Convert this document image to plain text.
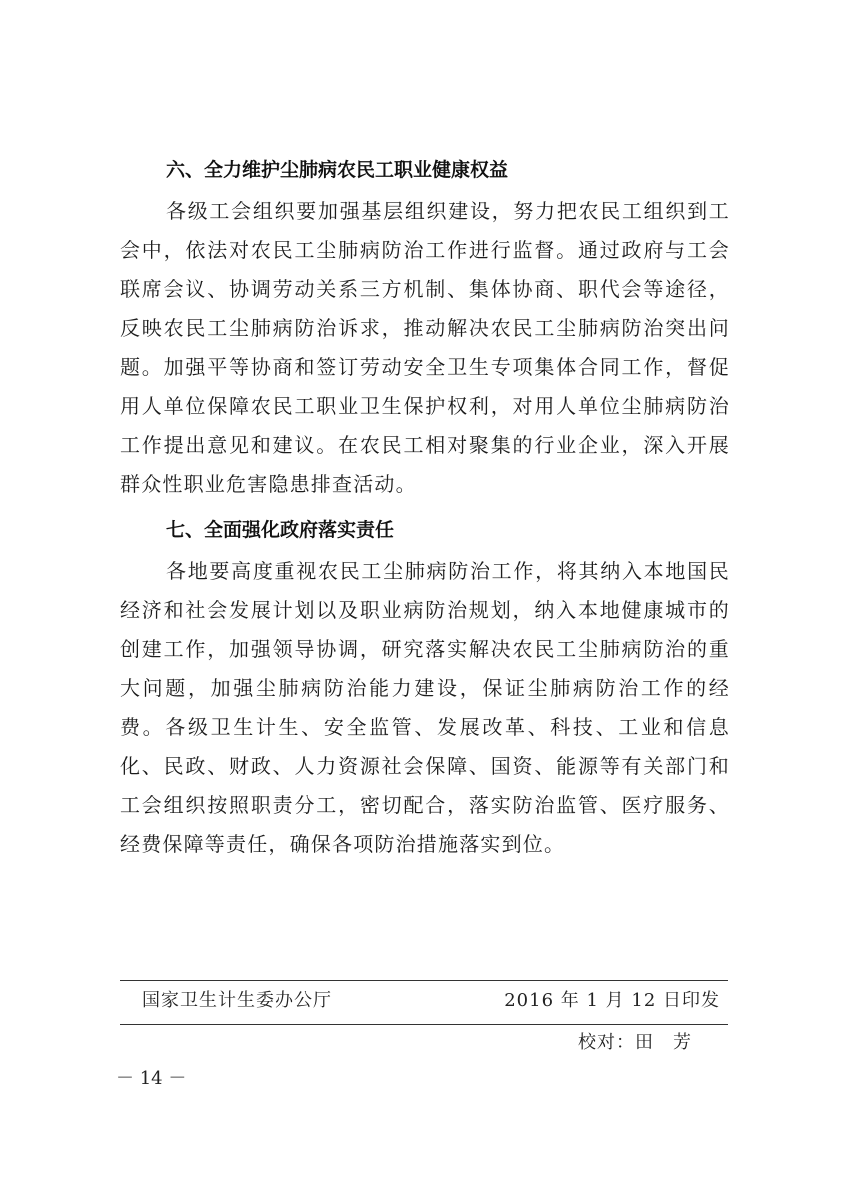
六、全力维护尘肺病农民工职业健康权益

各级工会组织要加强基层组织建设，努力把农民工组织到工会中，依法对农民工尘肺病防治工作进行监督。通过政府与工会联席会议、协调劳动关系三方机制、集体协商、职代会等途径，反映农民工尘肺病防治诉求，推动解决农民工尘肺病防治突出问题。加强平等协商和签订劳动安全卫生专项集体合同工作，督促用人单位保障农民工职业卫生保护权利，对用人单位尘肺病防治工作提出意见和建议。在农民工相对聚集的行业企业，深入开展群众性职业危害隐患排查活动。

七、全面强化政府落实责任

各地要高度重视农民工尘肺病防治工作，将其纳入本地国民经济和社会发展计划以及职业病防治规划，纳入本地健康城市的创建工作，加强领导协调，研究落实解决农民工尘肺病防治的重大问题，加强尘肺病防治能力建设，保证尘肺病防治工作的经费。各级卫生计生、安全监管、发展改革、科技、工业和信息化、民政、财政、人力资源社会保障、国资、能源等有关部门和工会组织按照职责分工，密切配合，落实防治监管、医疗服务、经费保障等责任，确保各项防治措施落实到位。

国家卫生计生委办公厅	2016 年 1 月 12 日印发
校对：田　芳
－ 14 －
